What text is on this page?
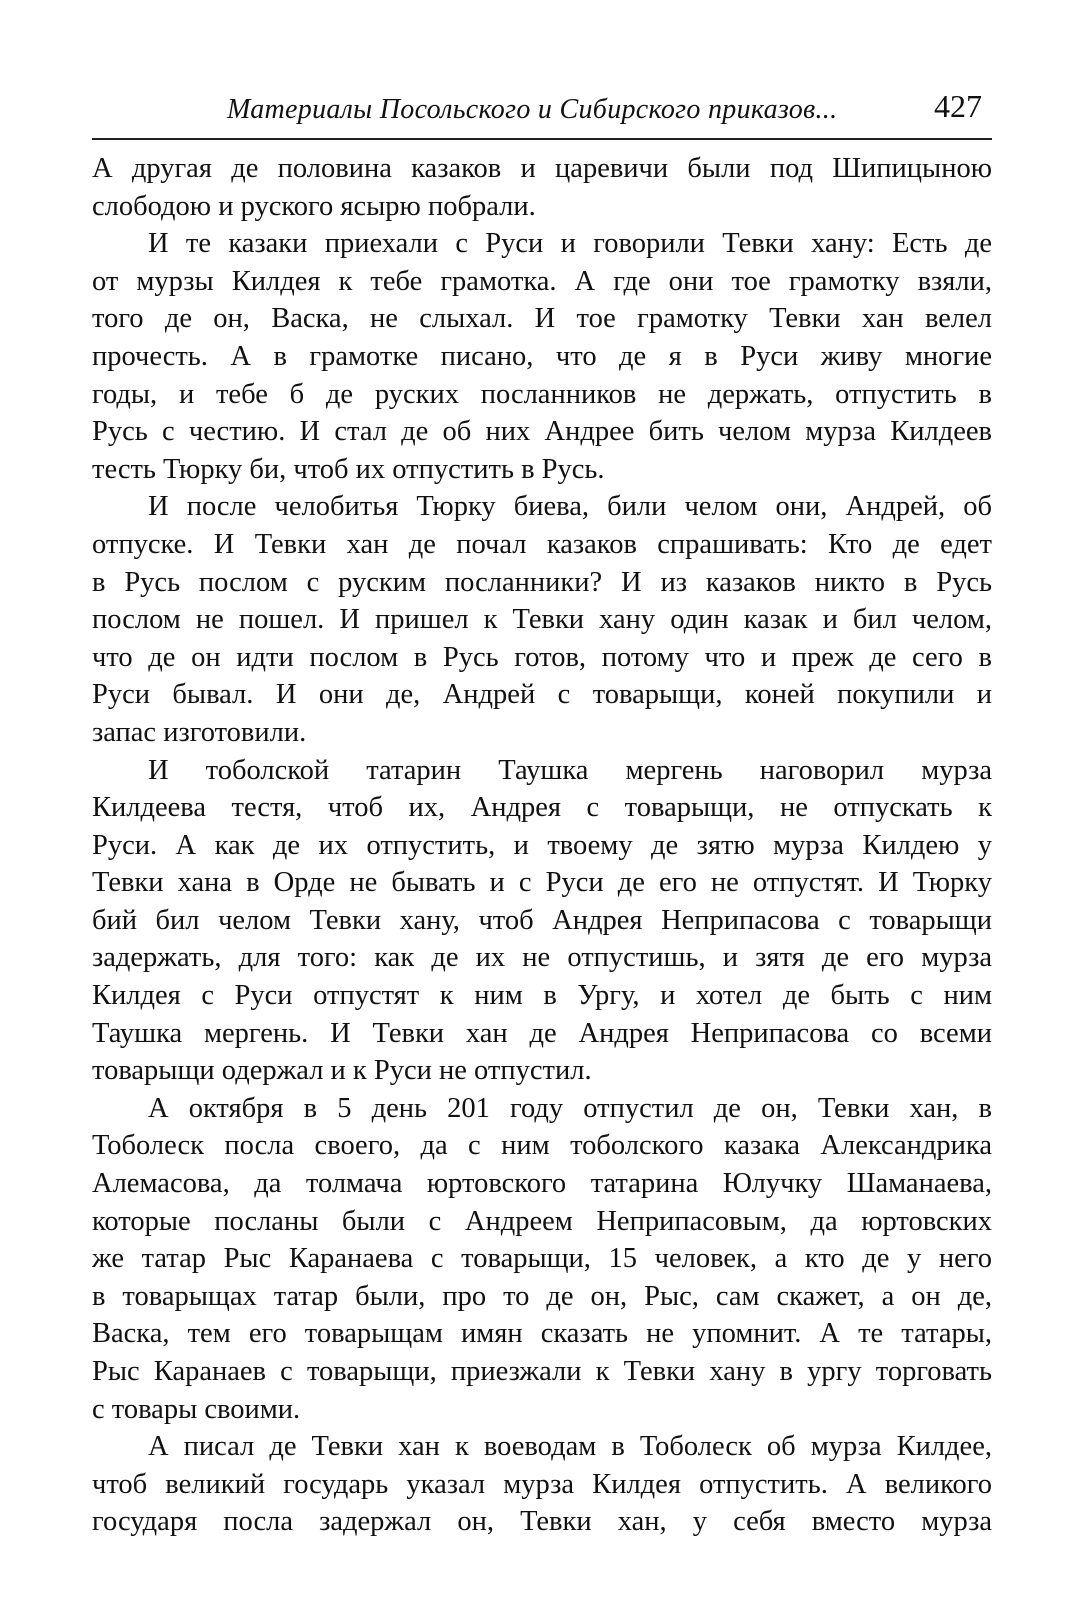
Материалы Посольского и Сибирского приказов...	427
А другая де половина казаков и царевичи были под Шипицыною
слободою и руского ясырю побрали.
И те казаки приехали с Руси и говорили Тевки хану: Есть де
от мурзы Килдея к тебе грамотка. А где они тое грамотку взяли,
того де он, Васка, не слыхал. И тое грамотку Тевки хан велел
прочесть. А в грамотке писано, что де я в Руси живу многие
годы, и тебе б де руских посланников не держать, отпустить в
Русь с честию. И стал де об них Андрее бить челом мурза Килдеев
тесть Тюрку би, чтоб их отпустить в Русь.
И после челобитья Тюрку биева, били челом они, Андрей, об
отпуске. И Тевки хан де почал казаков спрашивать: Кто де едет
в Русь послом с руским посланники? И из казаков никто в Русь
послом не пошел. И пришел к Тевки хану один казак и бил челом,
что де он идти послом в Русь готов, потому что и преж де сего в
Руси бывал. И они де, Андрей с товарыщи, коней покупили и
запас изготовили.
И тоболской татарин Таушка мергень наговорил мурза
Килдеева тестя, чтоб их, Андрея с товарыщи, не отпускать к
Руси. А как де их отпустить, и твоему де зятю мурза Килдею у
Тевки хана в Орде не бывать и с Руси де его не отпустят. И Тюрку
бий бил челом Тевки хану, чтоб Андрея Неприпасова с товарыщи
задержать, для того: как де их не отпустишь, и зятя де его мурза
Килдея с Руси отпустят к ним в Ургу, и хотел де быть с ним
Таушка мергень. И Тевки хан де Андрея Неприпасова со всеми
товарыщи одержал и к Руси не отпустил.
А октября в 5 день 201 году отпустил де он, Тевки хан, в
Тоболеск посла своего, да с ним тоболского казака Александрика
Алемасова, да толмача юртовского татарина Юлучку Шаманаева,
которые посланы были с Андреем Неприпасовым, да юртовских
же татар Рыс Каранаева с товарыщи, 15 человек, а кто де у него
в товарыщах татар были, про то де он, Рыс, сам скажет, а он де,
Васка, тем его товарыщам имян сказать не упомнит. А те татары,
Рыс Каранаев с товарыщи, приезжали к Тевки хану в ургу торговать
с товары своими.
А писал де Тевки хан к воеводам в Тоболеск об мурза Килдее,
чтоб великий государь указал мурза Килдея отпустить. А великого
государя посла задержал он, Тевки хан, у себя вместо мурза
